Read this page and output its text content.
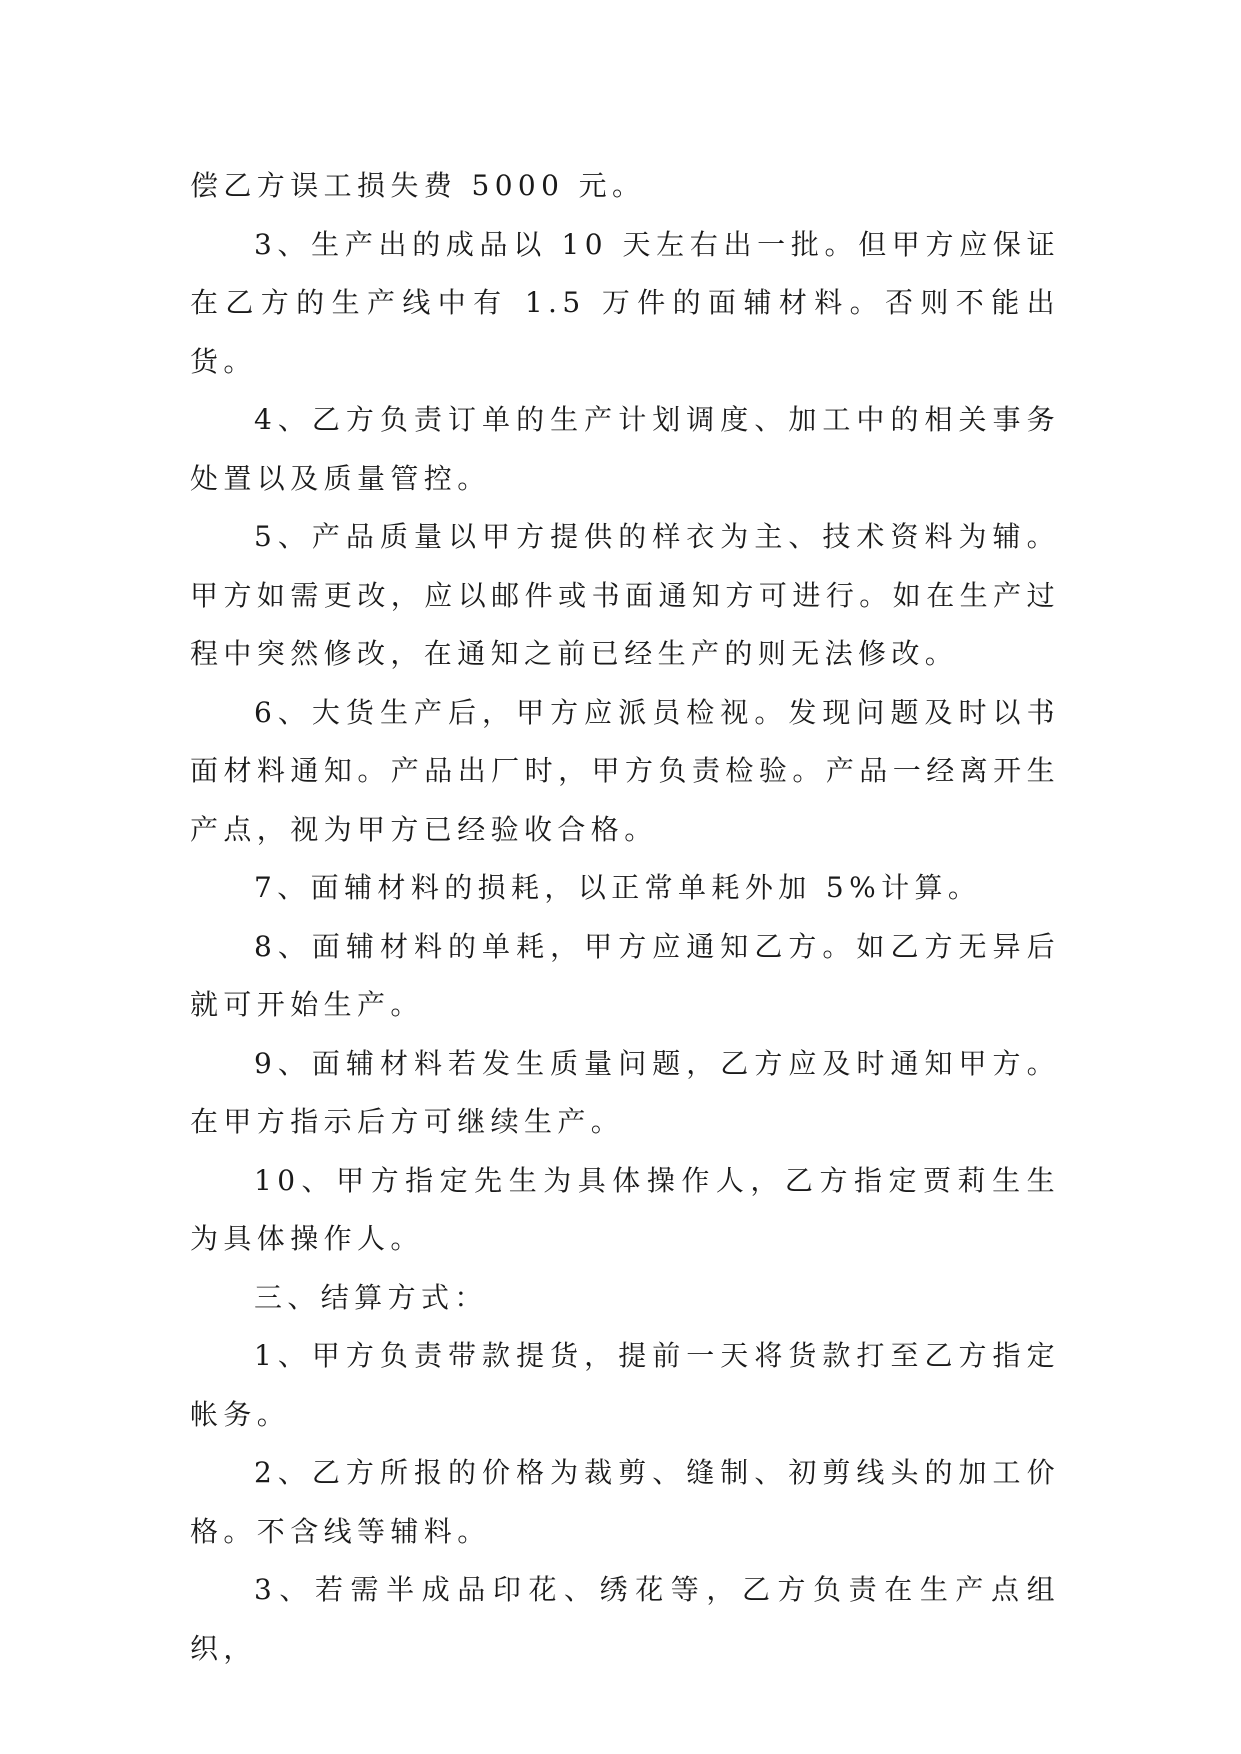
偿乙方误工损失费 5000 元。

3、生产出的成品以 10 天左右出一批。但甲方应保证在乙方的生产线中有 1.5 万件的面辅材料。否则不能出货。

4、乙方负责订单的生产计划调度、加工中的相关事务处置以及质量管控。

5、产品质量以甲方提供的样衣为主、技术资料为辅。甲方如需更改，应以邮件或书面通知方可进行。如在生产过程中突然修改，在通知之前已经生产的则无法修改。

6、大货生产后，甲方应派员检视。发现问题及时以书面材料通知。产品出厂时，甲方负责检验。产品一经离开生产点，视为甲方已经验收合格。

7、面辅材料的损耗，以正常单耗外加 5%计算。

8、面辅材料的单耗，甲方应通知乙方。如乙方无异后就可开始生产。

9、面辅材料若发生质量问题，乙方应及时通知甲方。在甲方指示后方可继续生产。

10、甲方指定先生为具体操作人，乙方指定贾莉生生为具体操作人。

三、结算方式：

1、甲方负责带款提货，提前一天将货款打至乙方指定帐务。

2、乙方所报的价格为裁剪、缝制、初剪线头的加工价格。不含线等辅料。

3、若需半成品印花、绣花等，乙方负责在生产点组织，
